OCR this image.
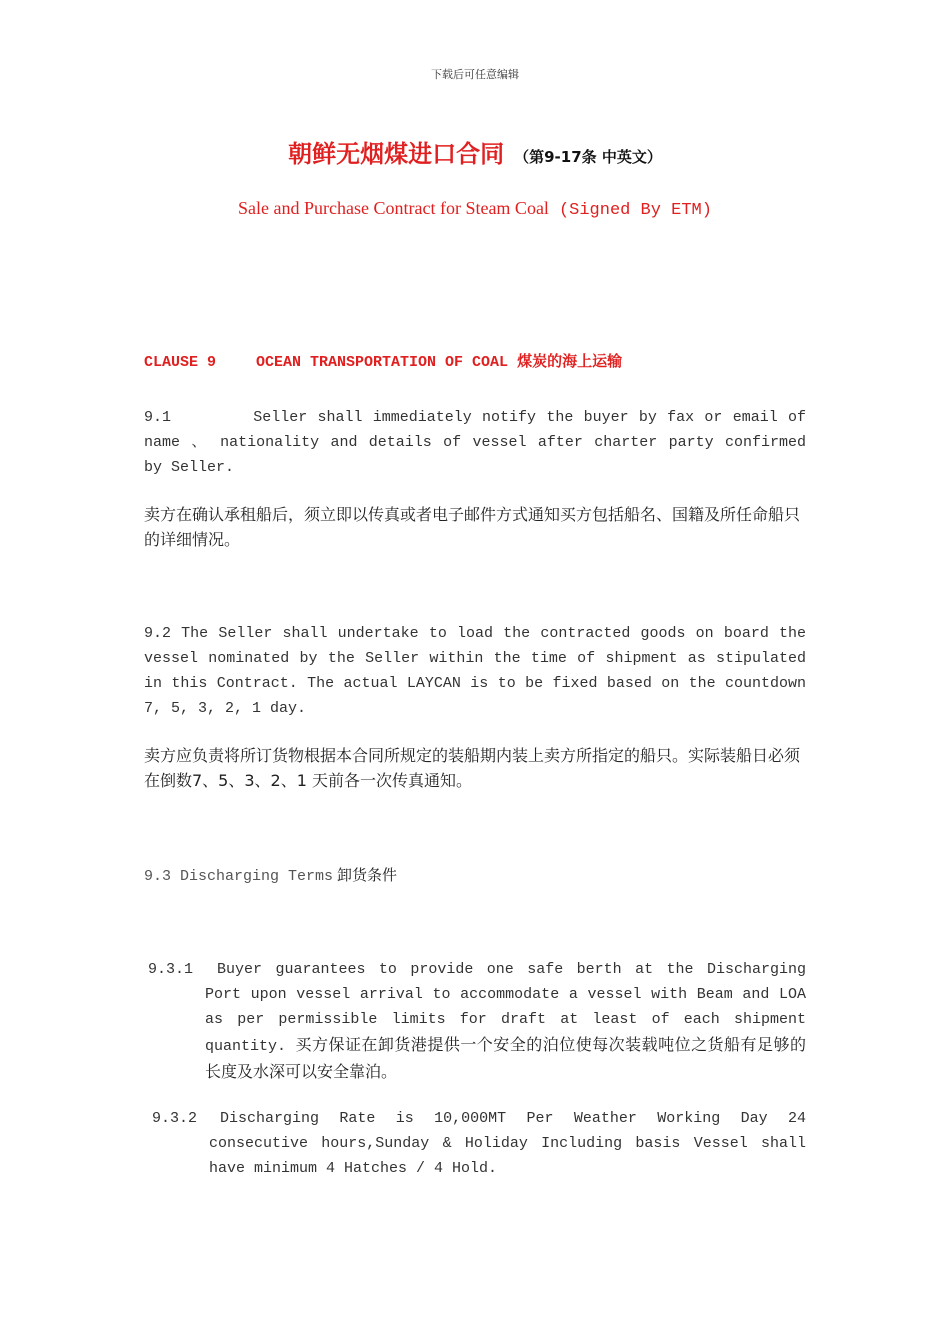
下载后可任意编辑
朝鲜无烟煤进口合同 （第9-17条 中英文）
Sale and Purchase Contract for Steam Coal (Signed By ETM)
CLAUSE 9	OCEAN TRANSPORTATION OF COAL 煤炭的海上运输
9.1        Seller shall immediately notify the buyer by fax or email of name 、 nationality and details of vessel after charter party confirmed by Seller.
卖方在确认承租船后，须立即以传真或者电子邮件方式通知买方包括船名、国籍及所任命船只的详细情况。
9.2 The Seller shall undertake to load the contracted goods on board the vessel nominated by the Seller within the time of shipment as stipulated in this Contract. The actual LAYCAN is to be fixed based on the countdown 7, 5, 3, 2, 1 day.
卖方应负责将所订货物根据本合同所规定的装船期内装上卖方所指定的船只。实际装船日必须在倒数7、5、3、2、1 天前各一次传真通知。
9.3 Discharging Terms 卸货条件
9.3.1	Buyer guarantees to provide one safe berth at the Discharging Port upon vessel arrival to accommodate a vessel with Beam and LOA as per permissible limits for draft at least of each shipment quantity. 买方保证在卸货港提供一个安全的泊位使每次装载吨位之货船有足够的长度及水深可以安全靠泊。
9.3.2	Discharging Rate is 10,000MT Per Weather Working Day 24 consecutive hours,Sunday & Holiday Including basis Vessel shall have minimum 4 Hatches / 4 Hold.
